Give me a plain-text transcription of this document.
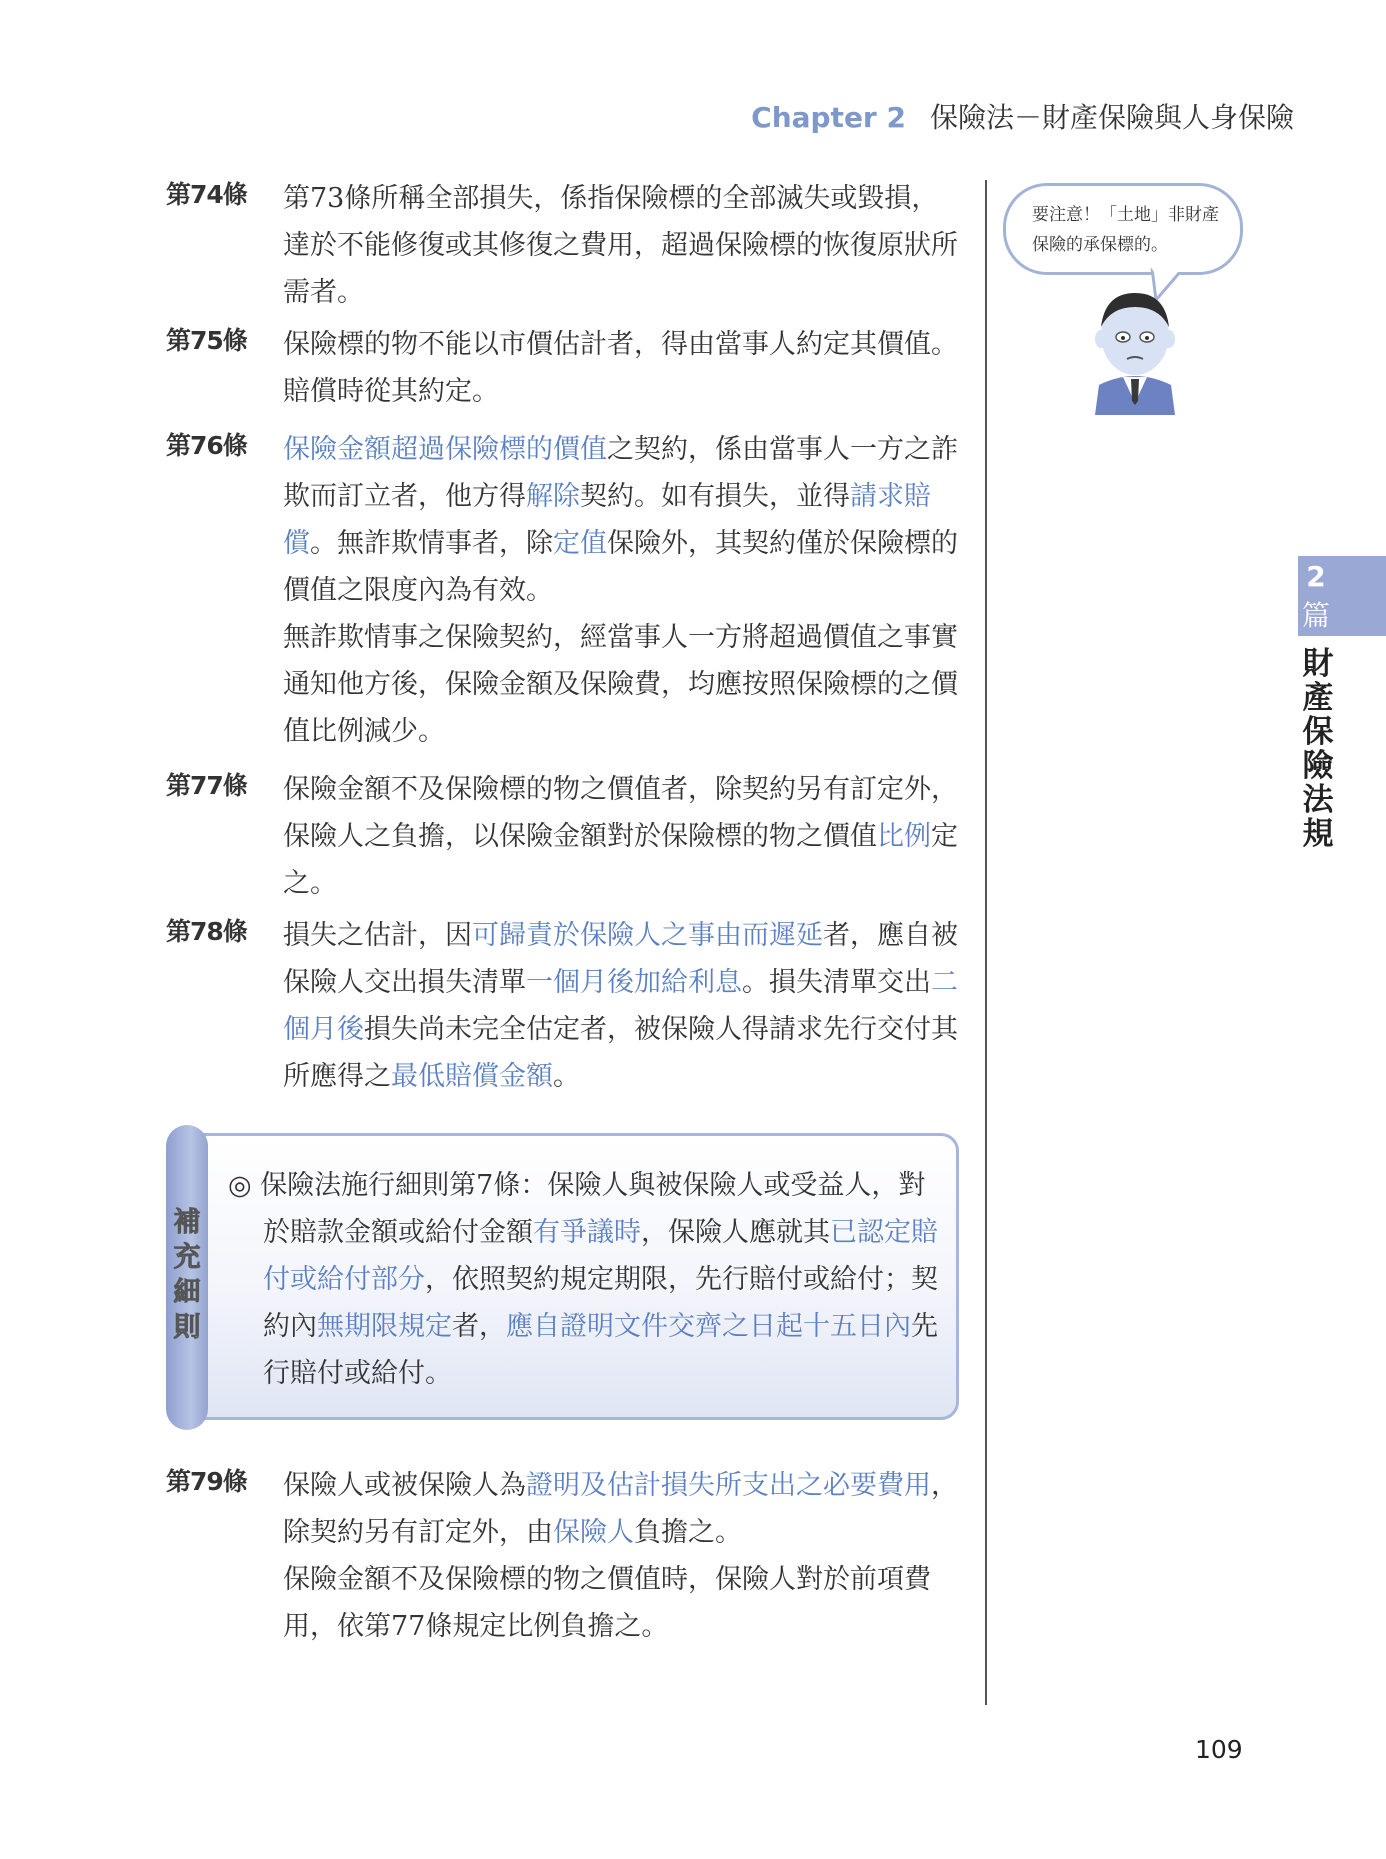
Chapter 2 保險法－財產保險與人身保險
第74條 第73條所稱全部損失，係指保險標的全部滅失或毀損，達於不能修復或其修復之費用，超過保險標的恢復原狀所需者。

第75條 保險標的物不能以市價估計者，得由當事人約定其價值。賠償時從其約定。

第76條 保險金額超過保險標的價值之契約，係由當事人一方之詐欺而訂立者，他方得解除契約。如有損失，並得請求賠償。無詐欺情事者，除定值保險外，其契約僅於保險標的價值之限度內為有效。

無詐欺情事之保險契約，經當事人一方將超過價值之事實通知他方後，保險金額及保險費，均應按照保險標的之價值比例減少。

第77條 保險金額不及保險標的物之價值者，除契約另有訂定外，保險人之負擔，以保險金額對於保險標的物之價值比例定之。

第78條 損失之估計，因可歸責於保險人之事由而遲延者，應自被保險人交出損失清單一個月後加給利息。損失清單交出二個月後損失尚未完全估定者，被保險人得請求先行交付其所應得之最低賠償金額。

補充細則

◎ 保險法施行細則第7條：保險人與被保險人或受益人，對於賠款金額或給付金額有爭議時，保險人應就其已認定賠付或給付部分，依照契約規定期限，先行賠付或給付；契約內無期限規定者，應自證明文件交齊之日起十五日內先行賠付或給付。

第79條 保險人或被保險人為證明及估計損失所支出之必要費用，除契約另有訂定外，由保險人負擔之。

保險金額不及保險標的物之價值時，保險人對於前項費用，依第77條規定比例負擔之。

要注意！「土地」非財產保險的承保標的。
2
篇
財產保險法規
109
